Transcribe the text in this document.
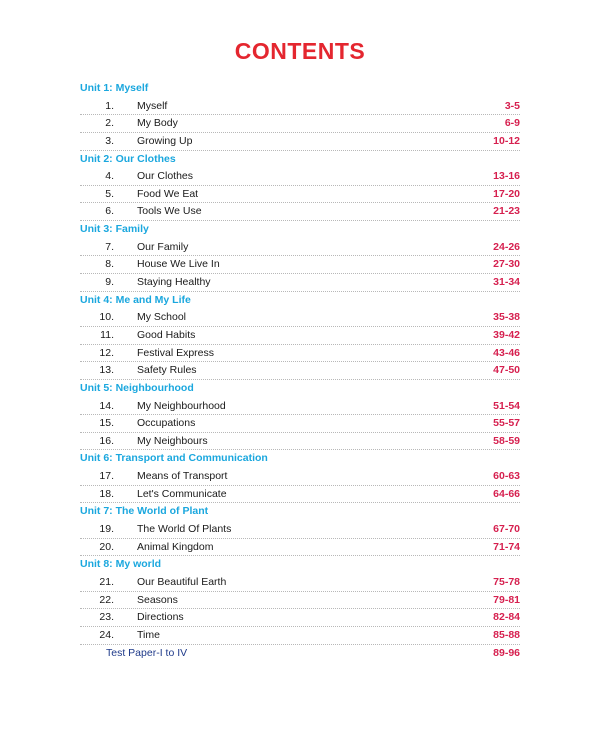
CONTENTS
Unit 1: Myself
1. Myself	3-5
2. My Body	6-9
3. Growing Up	10-12
Unit 2: Our Clothes
4. Our Clothes	13-16
5. Food We Eat	17-20
6. Tools We Use	21-23
Unit 3: Family
7. Our Family	24-26
8. House We Live In	27-30
9. Staying Healthy	31-34
Unit 4: Me and My Life
10. My School	35-38
11. Good Habits	39-42
12. Festival Express	43-46
13. Safety Rules	47-50
Unit 5: Neighbourhood
14. My Neighbourhood	51-54
15. Occupations	55-57
16. My Neighbours	58-59
Unit 6: Transport and Communication
17. Means of Transport	60-63
18. Let's Communicate	64-66
Unit 7: The World of Plant
19. The World Of Plants	67-70
20. Animal Kingdom	71-74
Unit 8: My world
21. Our Beautiful Earth	75-78
22. Seasons	79-81
23. Directions	82-84
24. Time	85-88
Test Paper-I to IV	89-96
